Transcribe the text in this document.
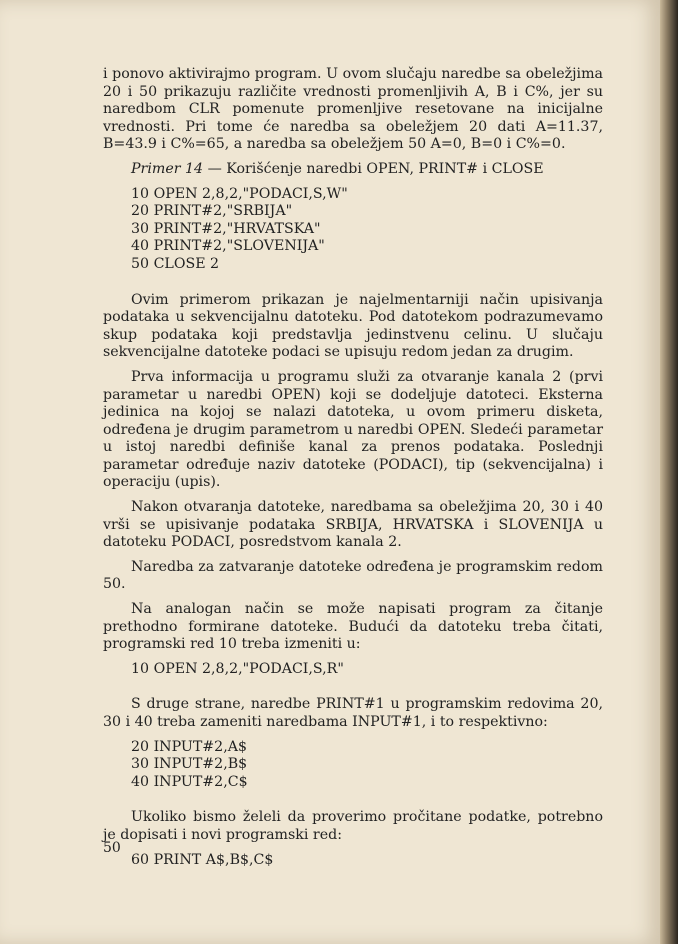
i ponovo aktivirajmo program. U ovom slučaju naredbe sa obeležjima 20 i 50 prikazuju različite vrednosti promenljivih A, B i C%, jer su naredbom CLR pomenute promenljive resetovane na inicijalne vrednosti. Pri tome će naredba sa obeležjem 20 dati A=11.37, B=43.9 i C%=65, a naredba sa obeležjem 50 A=0, B=0 i C%=0.

Primer 14 — Korišćenje naredbi OPEN, PRINT# i CLOSE

10 OPEN 2,8,2,"PODACI,S,W"
20 PRINT#2,"SRBIJA"
30 PRINT#2,"HRVATSKA"
40 PRINT#2,"SLOVENIJA"
50 CLOSE 2

Ovim primerom prikazan je najelmentarniji način upisivanja podataka u sekvencijalnu datoteku. Pod datotekom podrazumevamo skup podataka koji predstavlja jedinstvenu celinu. U slučaju sekvencijalne datoteke podaci se upisuju redom jedan za drugim.

Prva informacija u programu služi za otvaranje kanala 2 (prvi parametar u naredbi OPEN) koji se dodeljuje datoteci. Eksterna jedinica na kojoj se nalazi datoteka, u ovom primeru disketa, određena je drugim parametrom u naredbi OPEN. Sledeći parametar u istoj naredbi definiše kanal za prenos podataka. Poslednji parametar određuje naziv datoteke (PODACI), tip (sekvencijalna) i operaciju (upis).

Nakon otvaranja datoteke, naredbama sa obeležjima 20, 30 i 40 vrši se upisivanje podataka SRBIJA, HRVATSKA i SLOVENIJA u datoteku PODACI, posredstvom kanala 2.

Naredba za zatvaranje datoteke određena je programskim redom 50.

Na analogan način se može napisati program za čitanje prethodno formirane datoteke. Budući da datoteku treba čitati, programski red 10 treba izmeniti u:

10 OPEN 2,8,2,"PODACI,S,R"

S druge strane, naredbe PRINT#1 u programskim redovima 20, 30 i 40 treba zameniti naredbama INPUT#1, i to respektivno:

20 INPUT#2,A$
30 INPUT#2,B$
40 INPUT#2,C$

Ukoliko bismo želeli da proverimo pročitane podatke, potrebno je dopisati i novi programski red:

60 PRINT A$,B$,C$
50
